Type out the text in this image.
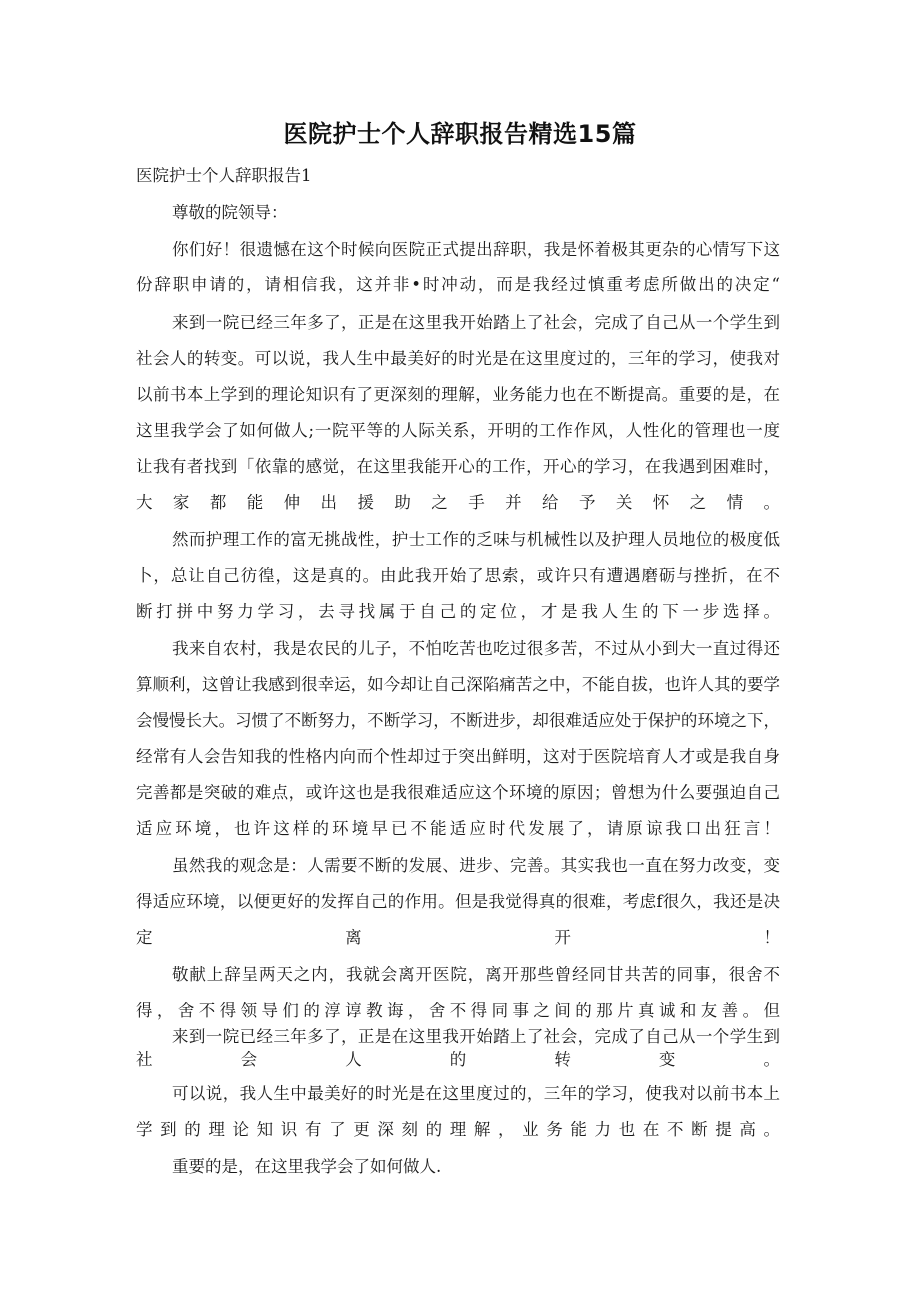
医院护士个人辞职报告精选15篇
医院护士个人辞职报告1
尊敬的院领导：
你们好！很遗憾在这个时候向医院正式提出辞职，我是怀着极其更杂的心情写下这
份辞职申请的，请相信我，这并非•时冲动，而是我经过慎重考虑所做出的决定“
来到一院已经三年多了，正是在这里我开始踏上了社会，完成了自己从一个学生到
社会人的转变。可以说，我人生中最美好的时光是在这里度过的，三年的学习，使我对
以前书本上学到的理论知识有了更深刻的理解，业务能力也在不断提高。重要的是，在
这里我学会了如何做人;一院平等的人际关系，开明的工作作风，人性化的管理也一度
让我有者找到「依靠的感觉，在这里我能开心的工作，开心的学习，在我遇到困难时，
大家都能伸出援助之手并给予关怀之情。
然而护理工作的富无挑战性，护士工作的乏味与机械性以及护理人员地位的极度低
卜，总让自己彷徨，这是真的。由此我开始了思索，或许只有遭遇磨砺与挫折，在不
断打拼中努力学习，去寻找属于自己的定位，才是我人生的下一步选择。
我来自农村，我是农民的儿子，不怕吃苦也吃过很多苦，不过从小到大一直过得还
算顺利，这曾让我感到很幸运，如今却让自己深陷痛苦之中，不能自拔，也许人其的要学
会慢慢长大。习惯了不断努力，不断学习，不断进步，却很难适应处于保护的环境之下，
经常有人会告知我的性格内向而个性却过于突出鲜明，这对于医院培育人才或是我自身
完善都是突破的难点，或许这也是我很难适应这个环境的原因；曾想为什么要强迫自己
适应环境，也许这样的环境早已不能适应时代发展了，请原谅我口出狂言！
虽然我的观念是：人需要不断的发展、进步、完善。其实我也一直在努力改变，变
得适应环境，以便更好的发挥自己的作用。但是我觉得真的很难，考虑f很久，我还是决
定离开！
敬献上辞呈两天之内，我就会离开医院，离开那些曾经同甘共苦的同事，很舍不
得，舍不得领导们的淳谆教诲，舍不得同事之间的那片真诚和友善。但
来到一院已经三年多了，正是在这里我开始踏上了社会，完成了自己从一个学生到
社会人的转变。
可以说，我人生中最美好的时光是在这里度过的，三年的学习，使我对以前书本上
学到的理论知识有了更深刻的理解，业务能力也在不断提高。
重要的是，在这里我学会了如何做人.
